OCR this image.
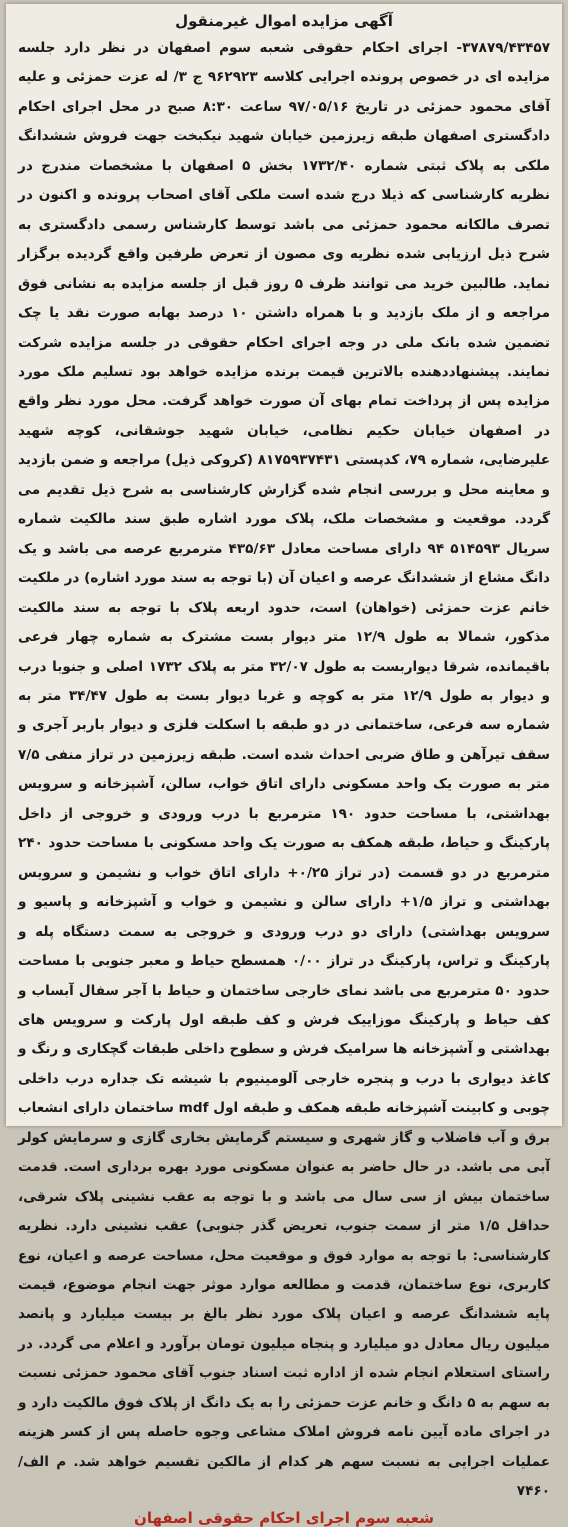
آگهی مزایده اموال غیرمنقول

۳۷۸۷۹/۴۳۴۵۷- اجرای احکام حقوقی شعبه سوم اصفهان در نظر دارد جلسه مزایده ای در خصوص پرونده اجرایی کلاسه ۹۶۲۹۲۳ ج ۳/ له عزت حمزئی و علیه آقای محمود حمزئی در تاریخ ۹۷/۰۵/۱۶ ساعت ۸:۳۰ صبح در محل اجرای احکام دادگستری اصفهان طبقه زیرزمین خیابان شهید نیکبخت جهت فروش ششدانگ ملکی به پلاک ثبتی شماره ۱۷۳۲/۴۰ بخش ۵ اصفهان با مشخصات مندرج در نظریه کارشناسی که ذیلا درج شده است ملکی آقای اصحاب پرونده و اکنون در تصرف مالکانه محمود حمزئی می باشد توسط کارشناس رسمی دادگستری به شرح ذیل ارزیابی شده نظریه وی مصون از تعرض طرفین واقع گردیده برگزار نماید. طالبین خرید می توانند ظرف ۵ روز قبل از جلسه مزایده به نشانی فوق مراجعه و از ملک بازدید و با همراه داشتن ۱۰ درصد بهابه صورت نقد یا چک تضمین شده بانک ملی در وجه اجرای احکام حقوقی در جلسه مزایده شرکت نمایند. پیشنهاددهنده بالاترین قیمت برنده مزایده خواهد بود تسلیم ملک مورد مزایده پس از پرداخت تمام بهای آن صورت خواهد گرفت. محل مورد نظر واقع در اصفهان خیابان حکیم نظامی، خیابان شهید جوشقانی، کوچه شهید علیرضایی، شماره ۷۹، کدپستی ۸۱۷۵۹۳۷۴۳۱ (کروکی ذیل) مراجعه و ضمن بازدید و معاینه محل و بررسی انجام شده گزارش کارشناسی به شرح ذیل تقدیم می گردد. موقعیت و مشخصات ملک، پلاک مورد اشاره طبق سند مالکیت شماره سریال ۵۱۴۵۹۳ ۹۴ دارای مساحت معادل ۴۳۵/۶۳ مترمربع عرصه می باشد و یک دانگ مشاع از ششدانگ عرصه و اعیان آن (با توجه به سند مورد اشاره) در ملکیت خانم عزت حمزئی (خواهان) است، حدود اربعه پلاک با توجه به سند مالکیت مذکور، شمالا به طول ۱۲/۹ متر دیوار بست مشترک به شماره چهار فرعی باقیمانده، شرقا دیواربست به طول ۳۲/۰۷ متر به پلاک ۱۷۳۲ اصلی و جنوبا درب و دیوار به طول ۱۲/۹ متر به کوچه و غربا دیوار بست به طول ۳۴/۴۷ متر به شماره سه فرعی، ساختمانی در دو طبقه با اسکلت فلزی و دیوار باربر آجری و سقف تیرآهن و طاق ضربی احداث شده است. طبقه زیرزمین در تراز منفی ۷/۵ متر به صورت یک واحد مسکونی دارای اتاق خواب، سالن، آشپزخانه و سرویس بهداشتی، با مساحت حدود ۱۹۰ مترمربع با درب ورودی و خروجی از داخل پارکینگ و حیاط، طبقه همکف به صورت یک واحد مسکونی با مساحت حدود ۲۴۰ مترمربع در دو قسمت (در تراز ۰/۲۵+ دارای اتاق خواب و نشیمن و سرویس بهداشتی و تراز ۱/۵+ دارای سالن و نشیمن و خواب و آشپزخانه و پاسیو و سرویس بهداشتی) دارای دو درب ورودی و خروجی به سمت دستگاه پله و پارکینگ و تراس، پارکینگ در تراز ۰/۰۰ همسطح حیاط و معبر جنوبی با مساحت حدود ۵۰ مترمربع می باشد نمای خارجی ساختمان و حیاط با آجر سفال آبساب و کف حیاط و پارکینگ موزاییک فرش و کف طبقه اول پارکت و سرویس های بهداشتی و آشپزخانه ها سرامیک فرش و سطوح داخلی طبقات گچکاری و رنگ و کاغذ دیواری با درب و پنجره خارجی آلومینیوم با شیشه تک جداره درب داخلی چوبی و کابینت آشپزخانه طبقه همکف و طبقه اول mdf ساختمان دارای انشعاب برق و آب فاضلاب و گاز شهری و سیستم گرمایش بخاری گازی و سرمایش کولر آبی می باشد. در حال حاضر به عنوان مسکونی مورد بهره برداری است. قدمت ساختمان بیش از سی سال می باشد و با توجه به عقب نشینی پلاک شرقی، حداقل ۱/۵ متر از سمت جنوب، تعریض گذر جنوبی) عقب نشینی دارد. نظریه کارشناسی: با توجه به موارد فوق و موقعیت محل، مساحت عرصه و اعیان، نوع کاربری، نوع ساختمان، قدمت و مطالعه موارد موثر جهت انجام موضوع، قیمت پایه ششدانگ عرصه و اعیان پلاک مورد نظر بالغ بر بیست میلیارد و پانصد میلیون ریال معادل دو میلیارد و پنجاه میلیون تومان برآورد و اعلام می گردد. در راستای استعلام انجام شده از اداره ثبت اسناد جنوب آقای محمود حمزئی نسبت به سهم به ۵ دانگ و خانم عزت حمزئی را به یک دانگ از پلاک فوق مالکیت دارد و در اجرای ماده آیین نامه فروش املاک مشاعی وجوه حاصله پس از کسر هزینه عملیات اجرایی به نسبت سهم هر کدام از مالکین تقسیم خواهد شد. م الف/ ۷۴۶۰

شعبه سوم اجرای احکام حقوقی اصفهان
